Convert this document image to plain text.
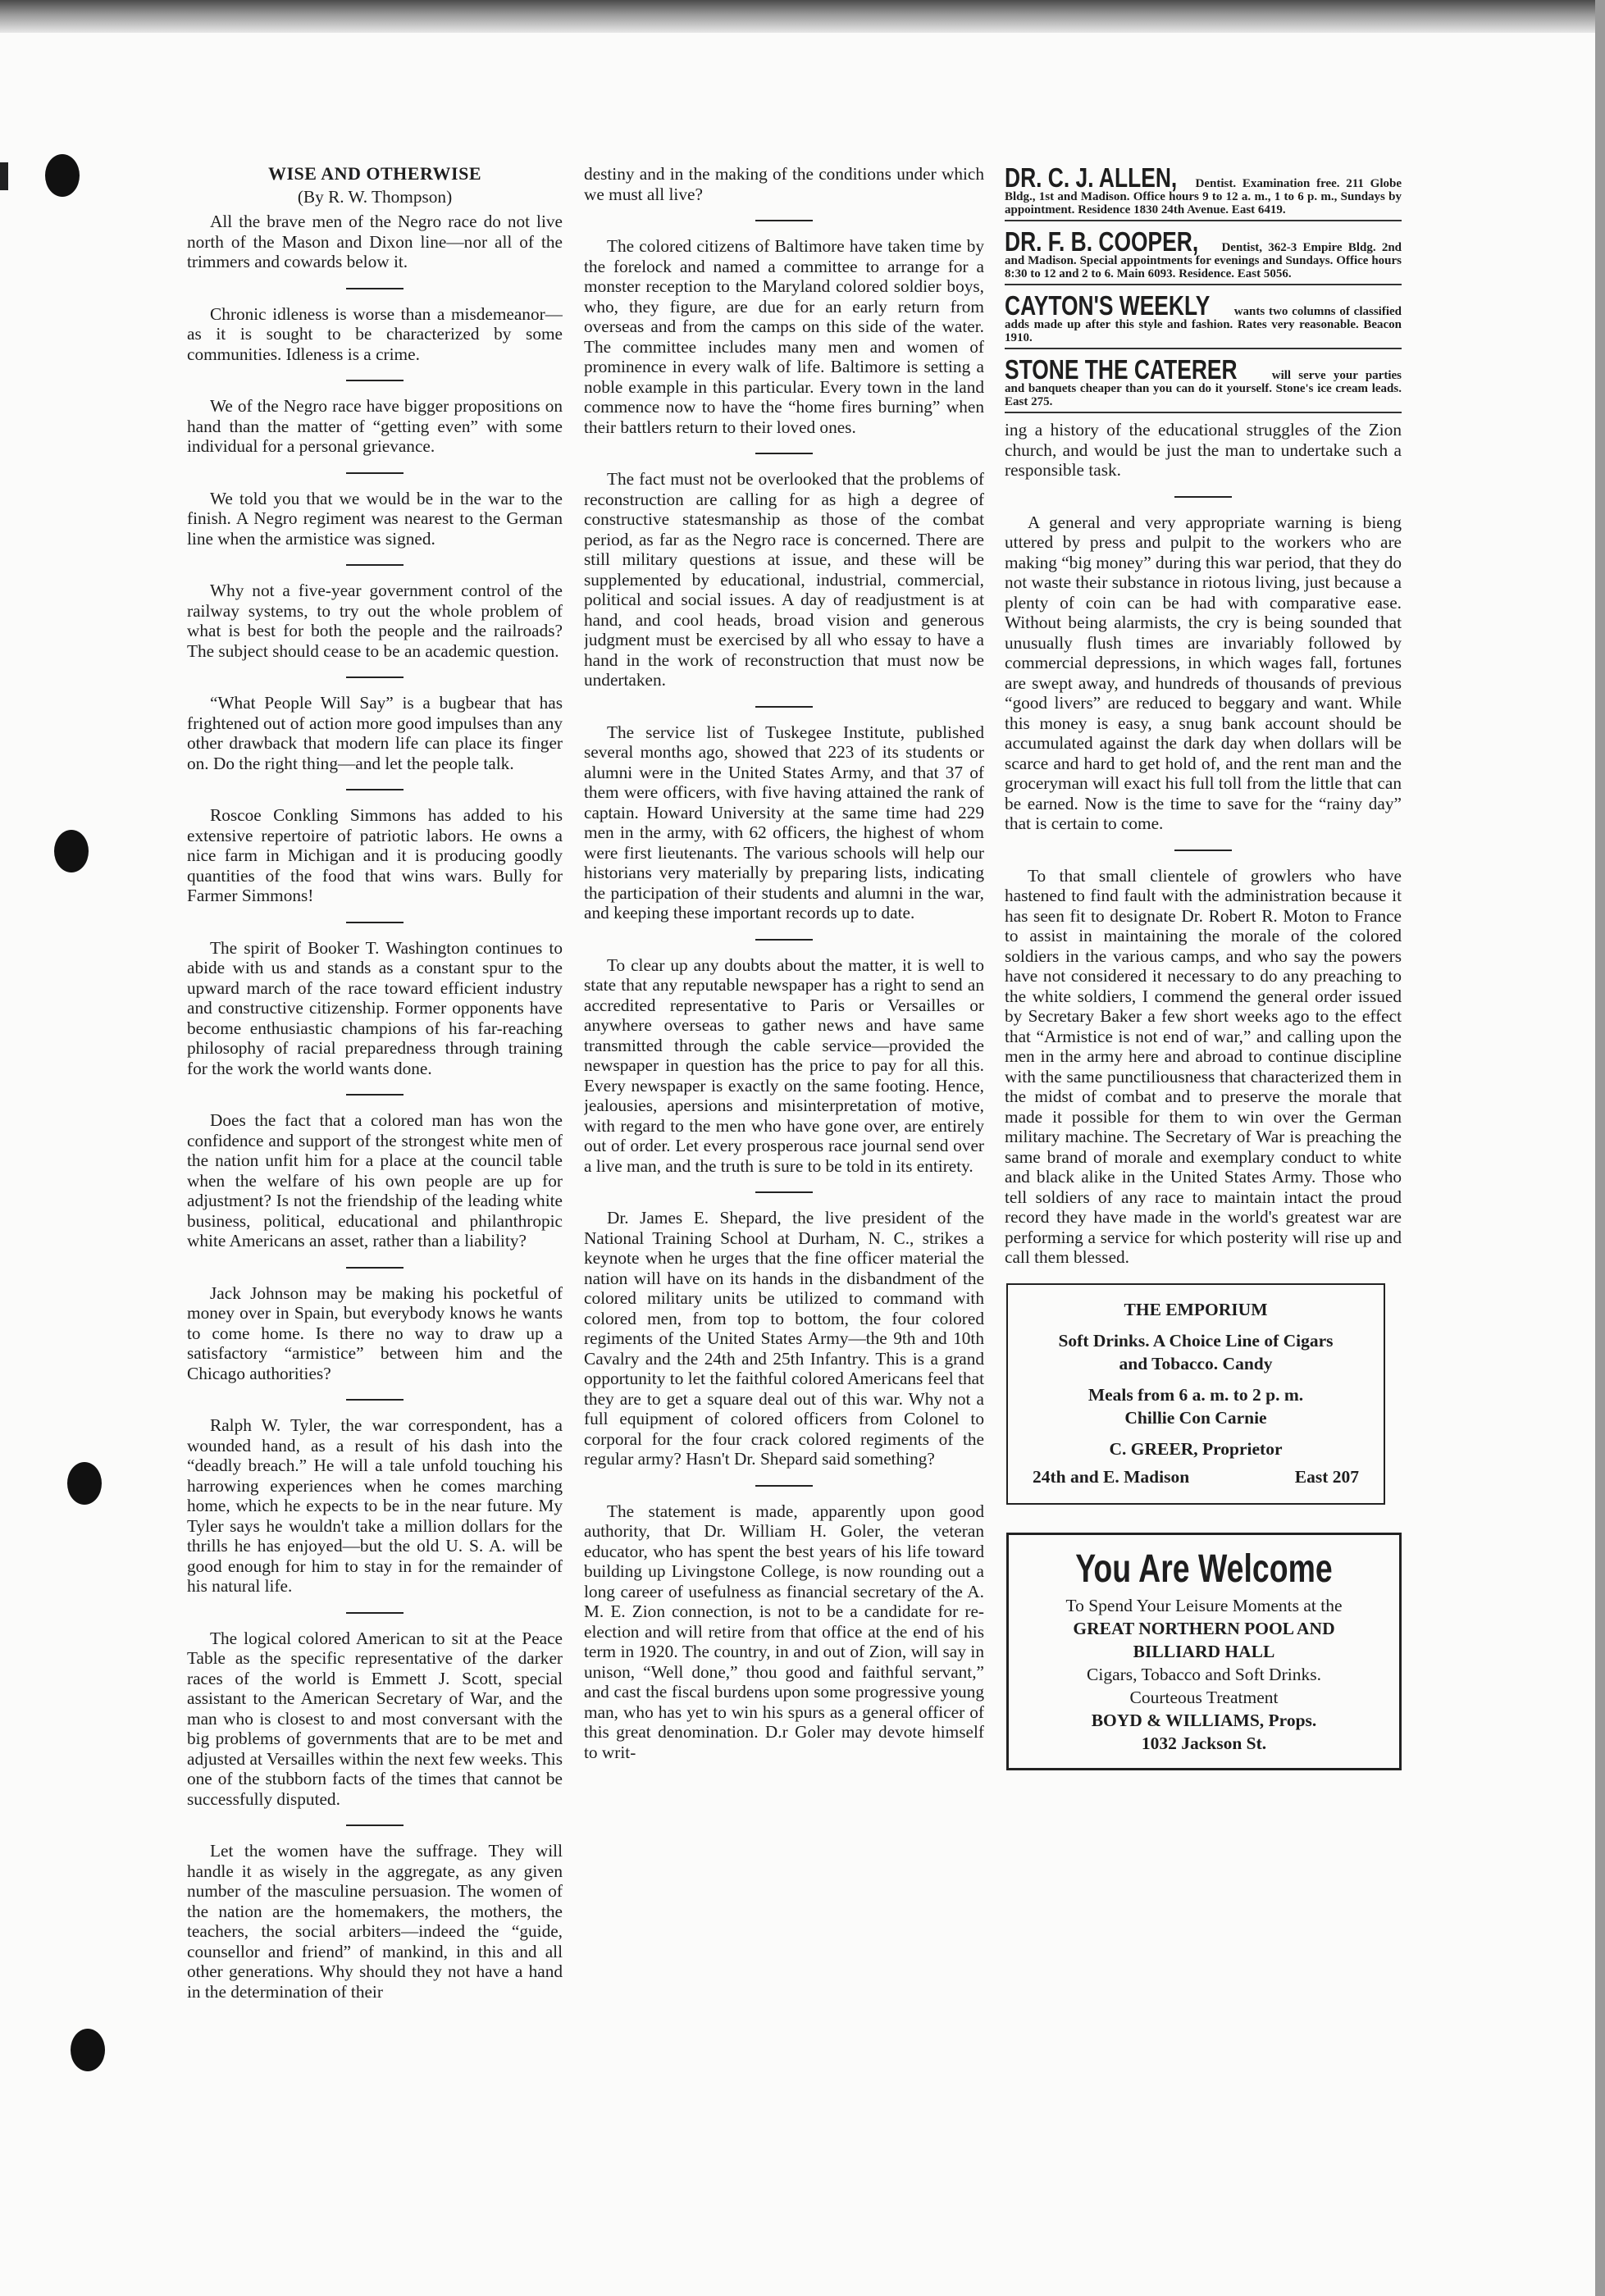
WISE AND OTHERWISE
(By R. W. Thompson)

All the brave men of the Negro race do not live north of the Mason and Dixon line—nor all of the trimmers and cowards below it.

Chronic idleness is worse than a misdemeanor—as it is sought to be characterized by some communities. Idleness is a crime.

We of the Negro race have bigger propositions on hand than the matter of “getting even” with some individual for a personal grievance.

We told you that we would be in the war to the finish. A Negro regiment was nearest to the German line when the armistice was signed.

Why not a five-year government control of the railway systems, to try out the whole problem of what is best for both the people and the railroads? The subject should cease to be an academic question.

“What People Will Say” is a bugbear that has frightened out of action more good impulses than any other drawback that modern life can place its finger on. Do the right thing—and let the people talk.

Roscoe Conkling Simmons has added to his extensive repertoire of patriotic labors. He owns a nice farm in Michigan and it is producing goodly quantities of the food that wins wars. Bully for Farmer Simmons!

The spirit of Booker T. Washington continues to abide with us and stands as a constant spur to the upward march of the race toward efficient industry and constructive citizenship. Former opponents have become enthusiastic champions of his far-reaching philosophy of racial preparedness through training for the work the world wants done.

Does the fact that a colored man has won the confidence and support of the strongest white men of the nation unfit him for a place at the council table when the welfare of his own people are up for adjustment? Is not the friendship of the leading white business, political, educational and philanthropic white Americans an asset, rather than a liability?

Jack Johnson may be making his pocketful of money over in Spain, but everybody knows he wants to come home. Is there no way to draw up a satisfactory “armistice” between him and the Chicago authorities?

Ralph W. Tyler, the war correspondent, has a wounded hand, as a result of his dash into the “deadly breach.” He will a tale unfold touching his harrowing experiences when he comes marching home, which he expects to be in the near future. My Tyler says he wouldn't take a million dollars for the thrills he has enjoyed—but the old U. S. A. will be good enough for him to stay in for the remainder of his natural life.

The logical colored American to sit at the Peace Table as the specific representative of the darker races of the world is Emmett J. Scott, special assistant to the American Secretary of War, and the man who is closest to and most conversant with the big problems of governments that are to be met and adjusted at Versailles within the next few weeks. This one of the stubborn facts of the times that cannot be successfully disputed.

Let the women have the suffrage. They will handle it as wisely in the aggregate, as any given number of the masculine persuasion. The women of the nation are the homemakers, the mothers, the teachers, the social arbiters—indeed the “guide, counsellor and friend” of mankind, in this and all other generations. Why should they not have a hand in the determination of their

destiny and in the making of the conditions under which we must all live?

The colored citizens of Baltimore have taken time by the forelock and named a committee to arrange for a monster reception to the Maryland colored soldier boys, who, they figure, are due for an early return from overseas and from the camps on this side of the water. The committee includes many men and women of prominence in every walk of life. Baltimore is setting a noble example in this particular. Every town in the land commence now to have the “home fires burning” when their battlers return to their loved ones.

The fact must not be overlooked that the problems of reconstruction are calling for as high a degree of constructive statesmanship as those of the combat period, as far as the Negro race is concerned. There are still military questions at issue, and these will be supplemented by educational, industrial, commercial, political and social issues. A day of readjustment is at hand, and cool heads, broad vision and generous judgment must be exercised by all who essay to have a hand in the work of reconstruction that must now be undertaken.

The service list of Tuskegee Institute, published several months ago, showed that 223 of its students or alumni were in the United States Army, and that 37 of them were officers, with five having attained the rank of captain. Howard University at the same time had 229 men in the army, with 62 officers, the highest of whom were first lieutenants. The various schools will help our historians very materially by preparing lists, indicating the participation of their students and alumni in the war, and keeping these important records up to date.

To clear up any doubts about the matter, it is well to state that any reputable newspaper has a right to send an accredited representative to Paris or Versailles or anywhere overseas to gather news and have same transmitted through the cable service—provided the newspaper in question has the price to pay for all this. Every newspaper is exactly on the same footing. Hence, jealousies, apersions and misinterpretation of motive, with regard to the men who have gone over, are entirely out of order. Let every prosperous race journal send over a live man, and the truth is sure to be told in its entirety.

Dr. James E. Shepard, the live president of the National Training School at Durham, N. C., strikes a keynote when he urges that the fine officer material the nation will have on its hands in the disbandment of the colored military units be utilized to command with colored men, from top to bottom, the four colored regiments of the United States Army—the 9th and 10th Cavalry and the 24th and 25th Infantry. This is a grand opportunity to let the faithful colored Americans feel that they are to get a square deal out of this war. Why not a full equipment of colored officers from Colonel to corporal for the four crack colored regiments of the regular army? Hasn't Dr. Shepard said something?

The statement is made, apparently upon good authority, that Dr. William H. Goler, the veteran educator, who has spent the best years of his life toward building up Livingstone College, is now rounding out a long career of usefulness as financial secretary of the A. M. E. Zion connection, is not to be a candidate for re-election and will retire from that office at the end of his term in 1920. The country, in and out of Zion, will say in unison, “Well done,” thou good and faithful servant,” and cast the fiscal burdens upon some progressive young man, who has yet to win his spurs as a general officer of this great denomination. D.r Goler may devote himself to writ-

DR. C. J. ALLEN, Dentist. Examination free. 211 Globe Bldg., 1st and Madison. Office hours 9 to 12 a. m., 1 to 6 p. m., Sundays by appointment. Residence 1830 24th Avenue. East 6419.
DR. F. B. COOPER, Dentist, 362-3 Empire Bldg. 2nd and Madison. Special appointments for evenings and Sundays. Office hours 8:30 to 12 and 2 to 6. Main 6093. Residence. East 5056.
CAYTON'S WEEKLY wants two columns of classified adds made up after this style and fashion. Rates very reasonable. Beacon 1910.
STONE THE CATERER	will serve your parties and banquets cheaper than you can do it yourself. Stone's ice cream leads. East 275.

ing a history of the educational struggles of the Zion church, and would be just the man to undertake such a responsible task.

A general and very appropriate warning is bieng uttered by press and pulpit to the workers who are making “big money” during this war period, that they do not waste their substance in riotous living, just because a plenty of coin can be had with comparative ease. Without being alarmists, the cry is being sounded that unusually flush times are invariably followed by commercial depressions, in which wages fall, fortunes are swept away, and hundreds of thousands of previous “good livers” are reduced to beggary and want. While this money is easy, a snug bank account should be accumulated against the dark day when dollars will be scarce and hard to get hold of, and the rent man and the groceryman will exact his full toll from the little that can be earned. Now is the time to save for the “rainy day” that is certain to come.

To that small clientele of growlers who have hastened to find fault with the administration because it has seen fit to designate Dr. Robert R. Moton to France to assist in maintaining the morale of the colored soldiers in the various camps, and who say the powers have not considered it necessary to do any preaching to the white soldiers, I commend the general order issued by Secretary Baker a few short weeks ago to the effect that “Armistice is not end of war,” and calling upon the men in the army here and abroad to continue discipline with the same punctiliousness that characterized them in the midst of combat and to preserve the morale that made it possible for them to win over the German military machine. The Secretary of War is preaching the same brand of morale and exemplary conduct to white and black alike in the United States Army. Those who tell soldiers of any race to maintain intact the proud record they have made in the world's greatest war are performing a service for which posterity will rise up and call them blessed.

THE EMPORIUM
Soft Drinks. A Choice Line of Cigars
and Tobacco. Candy
Meals from 6 a. m. to 2 p. m.
Chillie Con Carnie
C. GREER, Proprietor
24th and E. Madison	East 207
You Are Welcome
To Spend Your Leisure Moments at the
GREAT NORTHERN POOL AND
BILLIARD HALL
Cigars, Tobacco and Soft Drinks.
Courteous Treatment
BOYD & WILLIAMS, Props.
1032 Jackson St.
